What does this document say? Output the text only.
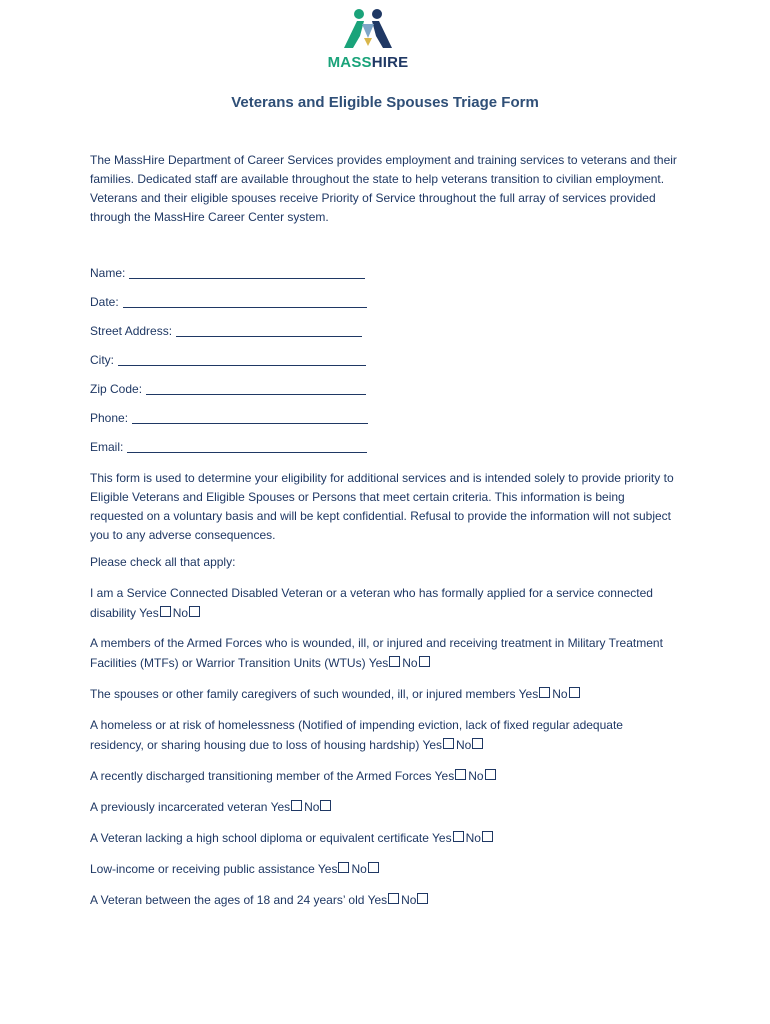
MASSHIRE
Veterans and Eligible Spouses Triage Form
The MassHire Department of Career Services provides employment and training services to veterans and their families. Dedicated staff are available throughout the state to help veterans transition to civilian employment. Veterans and their eligible spouses receive Priority of Service throughout the full array of services provided through the MassHire Career Center system.
Name:
Date:
Street Address:
City:
Zip Code:
Phone:
Email:
This form is used to determine your eligibility for additional services and is intended solely to provide priority to Eligible Veterans and Eligible Spouses or Persons that meet certain criteria. This information is being requested on a voluntary basis and will be kept confidential. Refusal to provide the information will not subject you to any adverse consequences.
Please check all that apply:
I am a Service Connected Disabled Veteran or a veteran who has formally applied for a service connected disability Yes No
A members of the Armed Forces who is wounded, ill, or injured and receiving treatment in Military Treatment Facilities (MTFs) or Warrior Transition Units (WTUs) Yes No
The spouses or other family caregivers of such wounded, ill, or injured members Yes No
A homeless or at risk of homelessness (Notified of impending eviction, lack of fixed regular adequate residency, or sharing housing due to loss of housing hardship) Yes No
A recently discharged transitioning member of the Armed Forces Yes No
A previously incarcerated veteran Yes No
A Veteran lacking a high school diploma or equivalent certificate Yes No
Low-income or receiving public assistance Yes No
A Veteran between the ages of 18 and 24 years’ old Yes No
